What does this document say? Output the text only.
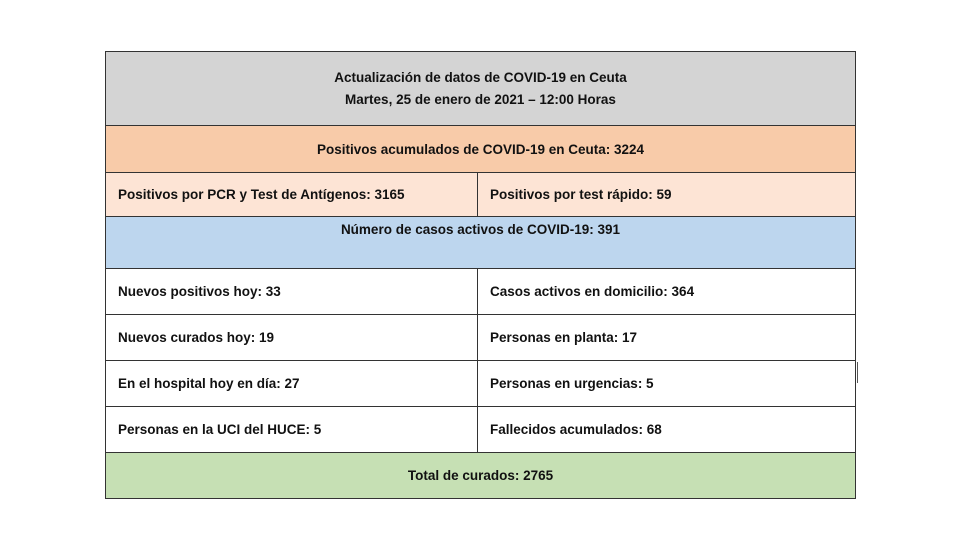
Actualización de datos de COVID-19 en Ceuta
Martes, 25 de enero de 2021 – 12:00 Horas	

Positivos acumulados de COVID-19 en Ceuta: 3224	
Positivos por PCR y Test de Antígenos: 3165	Positivos por test rápido: 59
Número de casos activos de COVID-19: 391	
Nuevos positivos hoy: 33	Casos activos en domicilio: 364
Nuevos curados hoy: 19	Personas en planta: 17
En el hospital hoy en día: 27	Personas en urgencias: 5
Personas en la UCI del HUCE: 5	Fallecidos acumulados: 68
Total de curados: 2765	
